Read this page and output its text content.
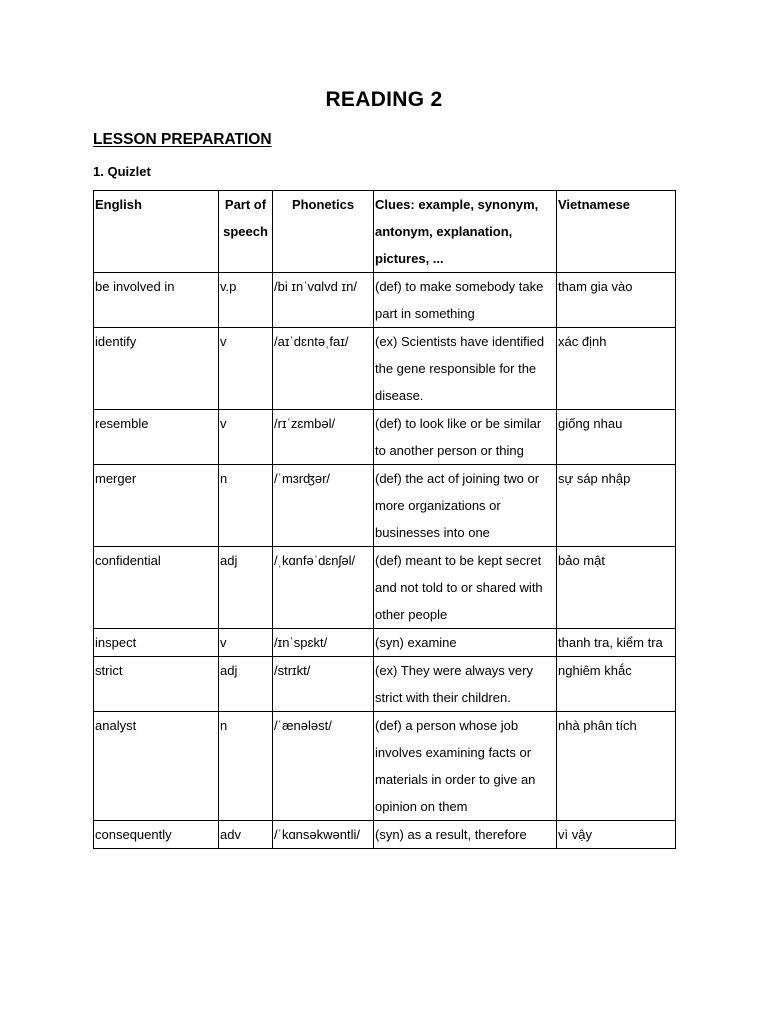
READING 2
LESSON PREPARATION
1. Quizlet
English	Part of speech	Phonetics	Clues: example, synonym, antonym, explanation, pictures, ...	Vietnamese
be involved in	v.p	/bi ɪnˈvɑlvd ɪn/	(def) to make somebody take part in something	tham gia vào
identify	v	/aɪˈdɛntəˌfaɪ/	(ex) Scientists have identified the gene responsible for the disease.	xác định
resemble	v	/rɪˈzɛmbəl/	(def) to look like or be similar to another person or thing	giống nhau
merger	n	/ˈmɜrʤər/	(def) the act of joining two or more organizations or businesses into one	sự sáp nhập
confidential	adj	/ˌkɑnfəˈdɛnʃəl/	(def) meant to be kept secret and not told to or shared with other people	bảo mật
inspect	v	/ɪnˈspɛkt/	(syn) examine	thanh tra, kiểm tra
strict	adj	/strɪkt/	(ex) They were always very strict with their children.	nghiêm khắc
analyst	n	/ˈænələst/	(def) a person whose job involves examining facts or materials in order to give an opinion on them	nhà phân tích
consequently	adv	/ˈkɑnsəkwəntli/	(syn) as a result, therefore	vì vậy
